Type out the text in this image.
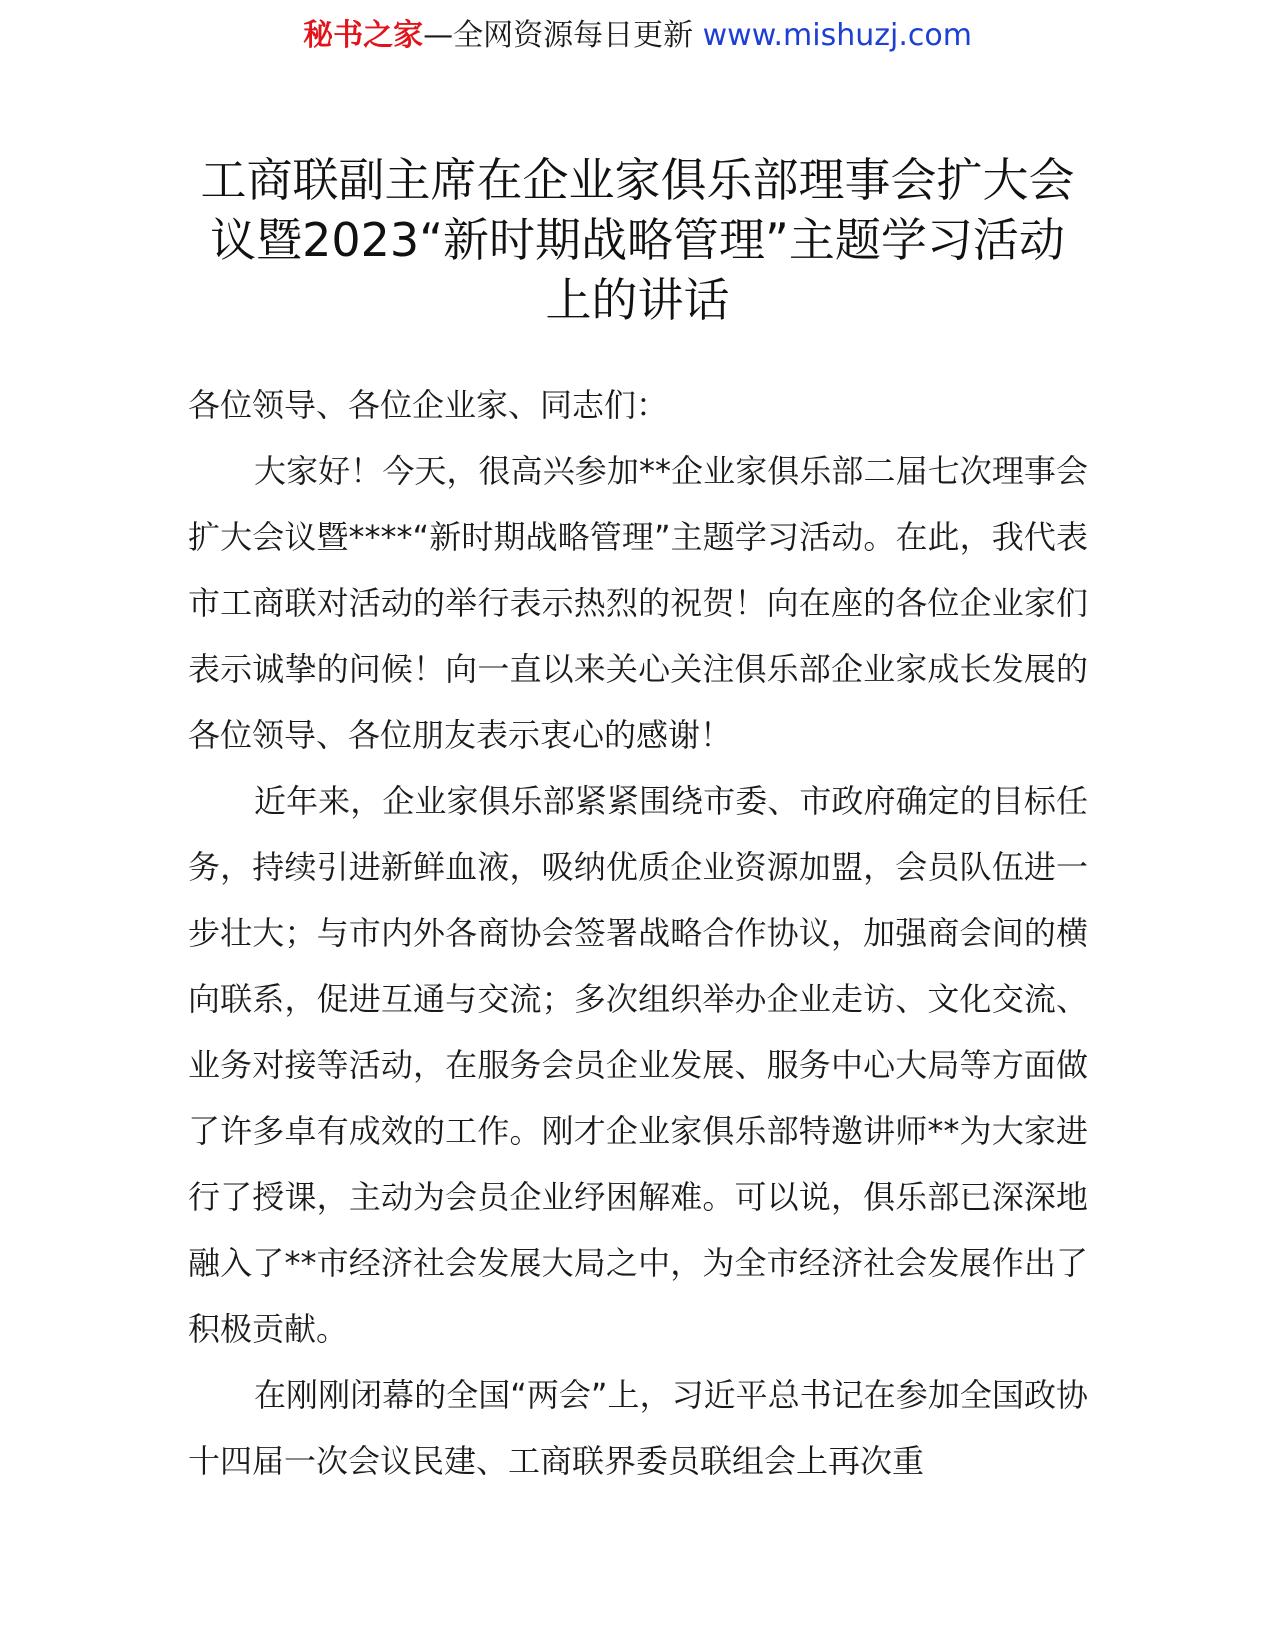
秘书之家—全网资源每日更新 www.mishuzj.com
工商联副主席在企业家俱乐部理事会扩大会议暨2023“新时期战略管理”主题学习活动上的讲话

各位领导、各位企业家、同志们：

大家好！今天，很高兴参加**企业家俱乐部二届七次理事会扩大会议暨****“新时期战略管理”主题学习活动。在此，我代表市工商联对活动的举行表示热烈的祝贺！向在座的各位企业家们表示诚挚的问候！向一直以来关心关注俱乐部企业家成长发展的各位领导、各位朋友表示衷心的感谢！

近年来，企业家俱乐部紧紧围绕市委、市政府确定的目标任务，持续引进新鲜血液，吸纳优质企业资源加盟，会员队伍进一步壮大；与市内外各商协会签署战略合作协议，加强商会间的横向联系，促进互通与交流；多次组织举办企业走访、文化交流、业务对接等活动，在服务会员企业发展、服务中心大局等方面做了许多卓有成效的工作。刚才企业家俱乐部特邀讲师**为大家进行了授课，主动为会员企业纾困解难。可以说，俱乐部已深深地融入了**市经济社会发展大局之中，为全市经济社会发展作出了积极贡献。

在刚刚闭幕的全国“两会”上，习近平总书记在参加全国政协十四届一次会议民建、工商联界委员联组会上再次重
